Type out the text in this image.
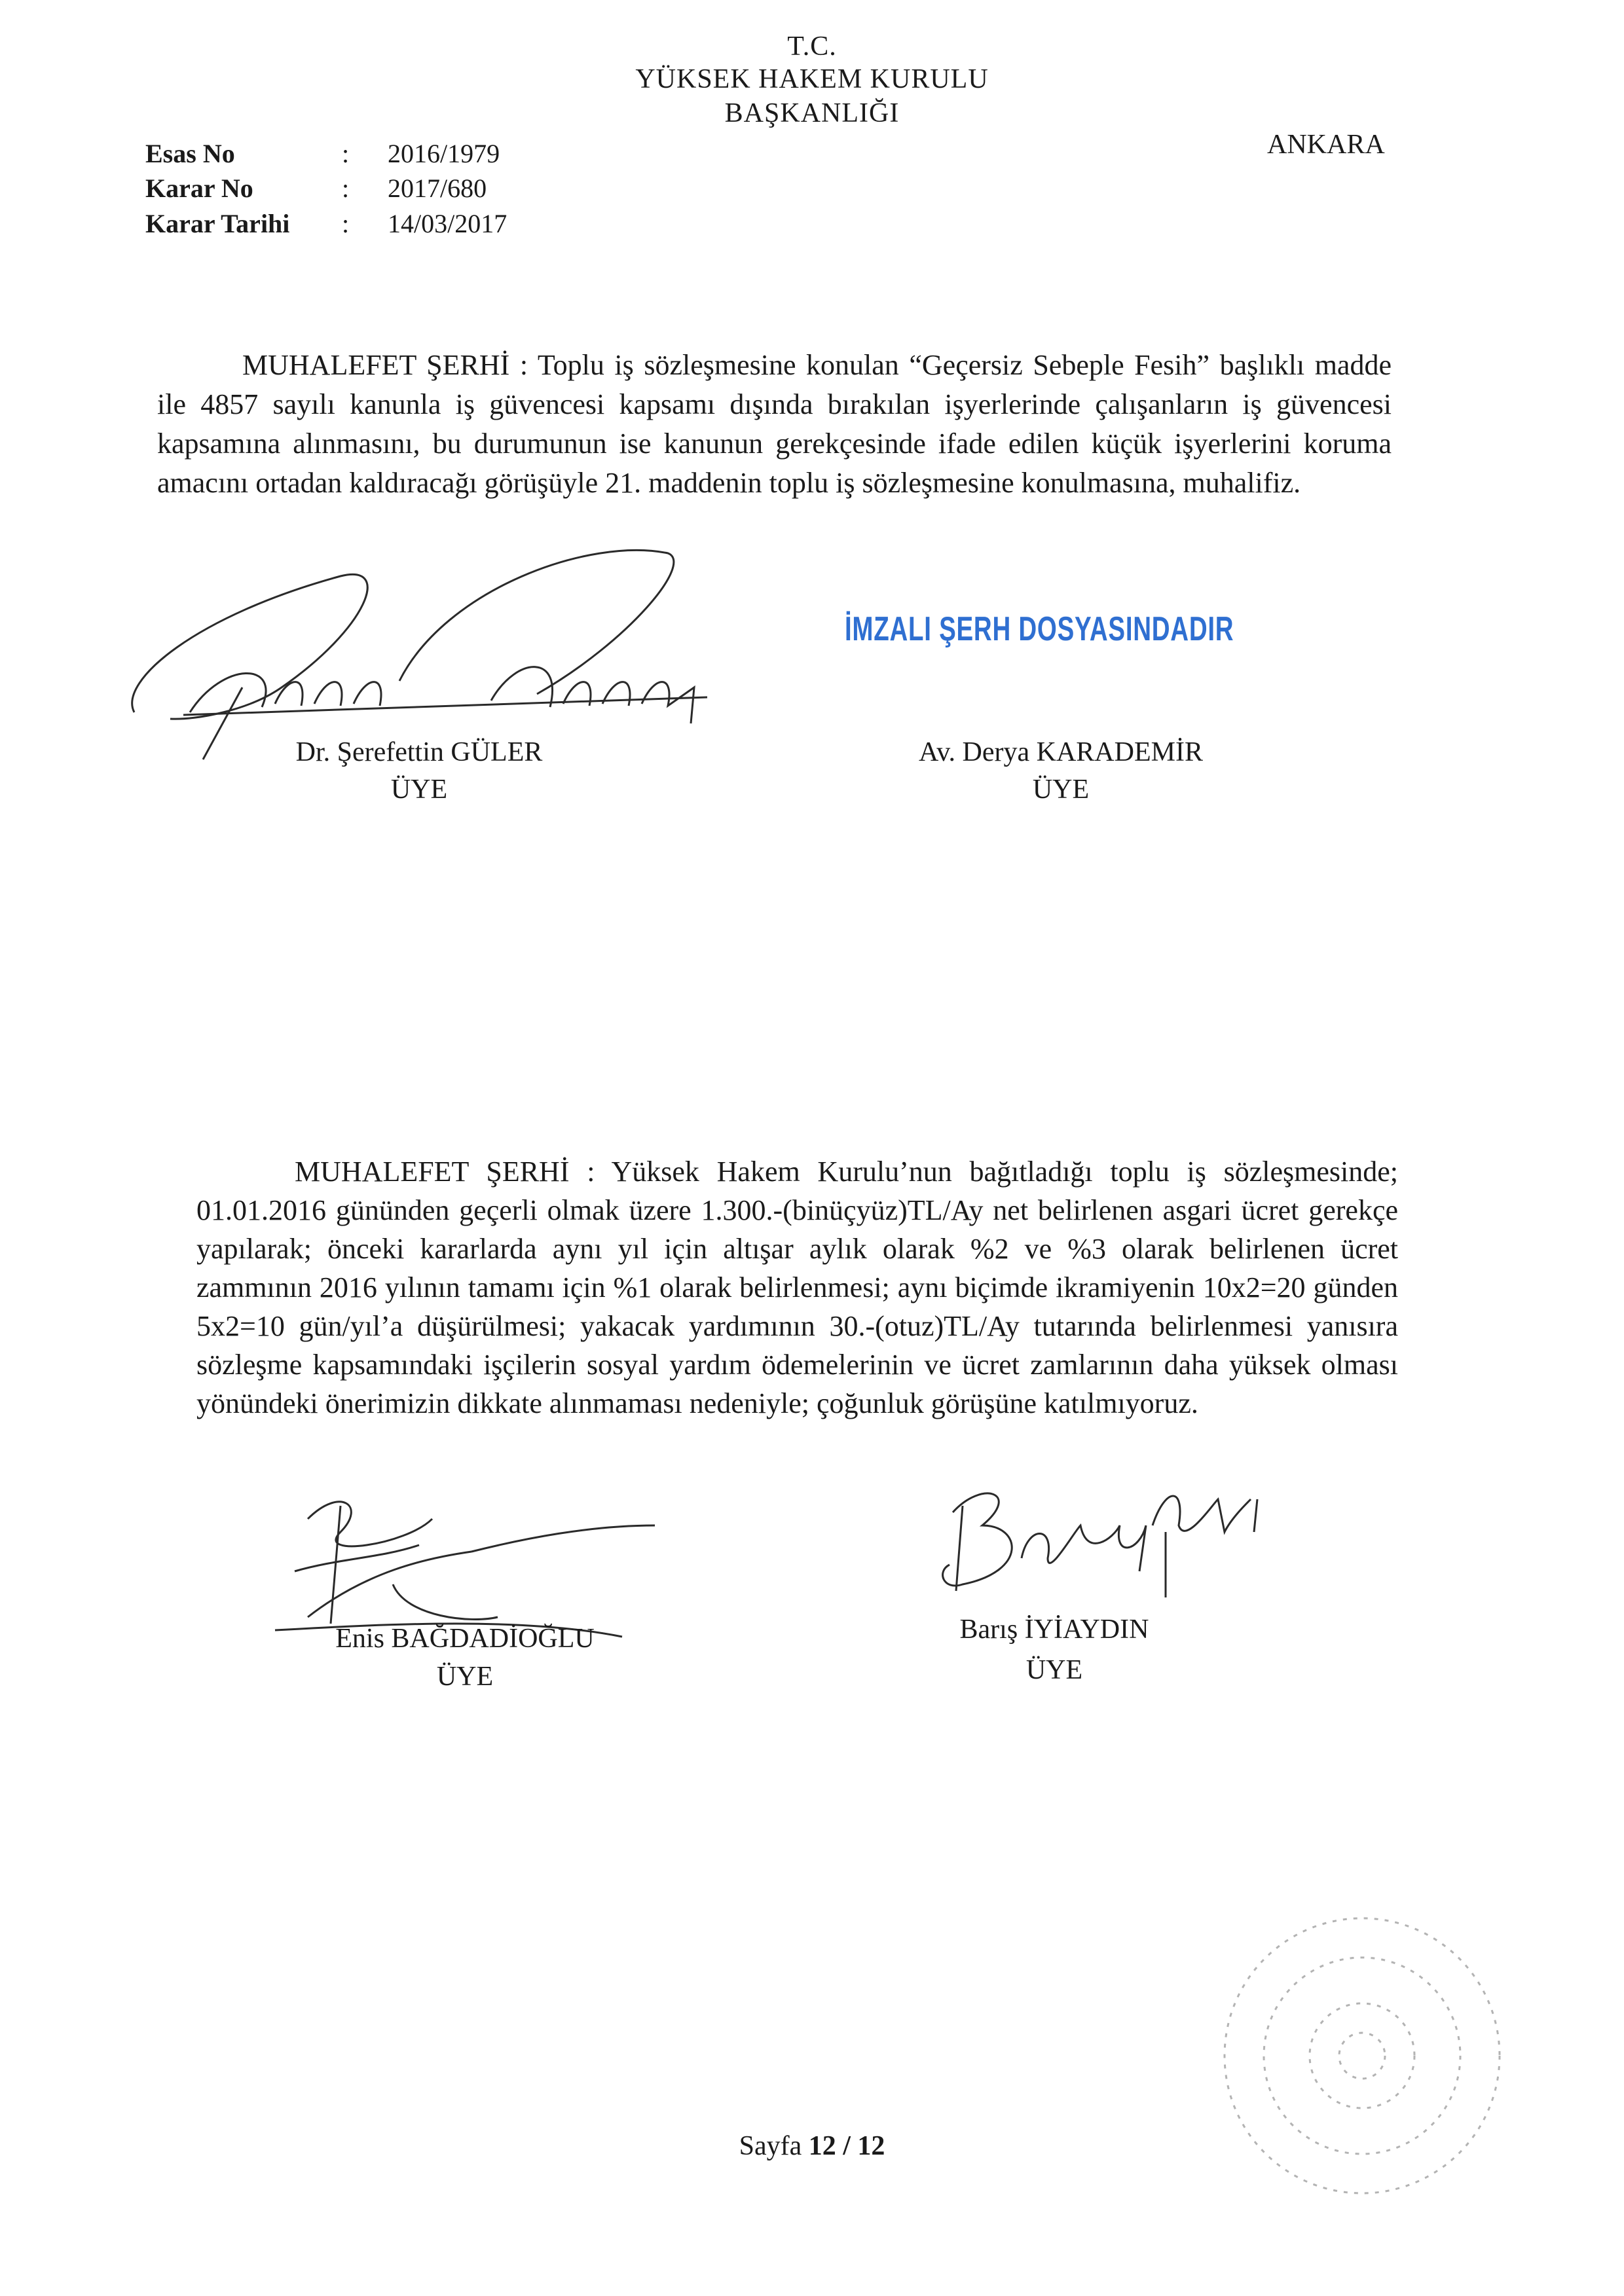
T.C.
YÜKSEK HAKEM KURULU
BAŞKANLIĞI
ANKARA
Esas No	: 2016/1979
Karar No	: 2017/680
Karar Tarihi : 14/03/2017

MUHALEFET ŞERHİ : Toplu iş sözleşmesine konulan “Geçersiz Sebeple Fesih” başlıklı madde ile 4857 sayılı kanunla iş güvencesi kapsamı dışında bırakılan işyerlerinde çalışanların iş güvencesi kapsamına alınmasını, bu durumunun ise kanunun gerekçesinde ifade edilen küçük işyerlerini koruma amacını ortadan kaldıracağı görüşüyle 21. maddenin toplu iş sözleşmesine konulmasına, muhalifiz.

İMZALI ŞERH DOSYASINDADIR
Dr. Şerefettin GÜLER
ÜYE
Av. Derya KARADEMİR
ÜYE

MUHALEFET ŞERHİ : Yüksek Hakem Kurulu’nun bağıtladığı toplu iş sözleşmesinde; 01.01.2016 gününden geçerli olmak üzere 1.300.-(binüçyüz)TL/Ay net belirlenen asgari ücret gerekçe yapılarak; önceki kararlarda aynı yıl için altışar aylık olarak %2 ve %3 olarak belirlenen ücret zammının 2016 yılının tamamı için %1 olarak belirlenmesi; aynı biçimde ikramiyenin 10x2=20 günden 5x2=10 gün/yıl’a düşürülmesi; yakacak yardımının 30.-(otuz)TL/Ay tutarında belirlenmesi yanısıra sözleşme kapsamındaki işçilerin sosyal yardım ödemelerinin ve ücret zamlarının daha yüksek olması yönündeki önerimizin dikkate alınmaması nedeniyle; çoğunluk görüşüne katılmıyoruz.

Enis BAĞDADİOĞLU
ÜYE
Barış İYİAYDIN
ÜYE
Sayfa 12 / 12
